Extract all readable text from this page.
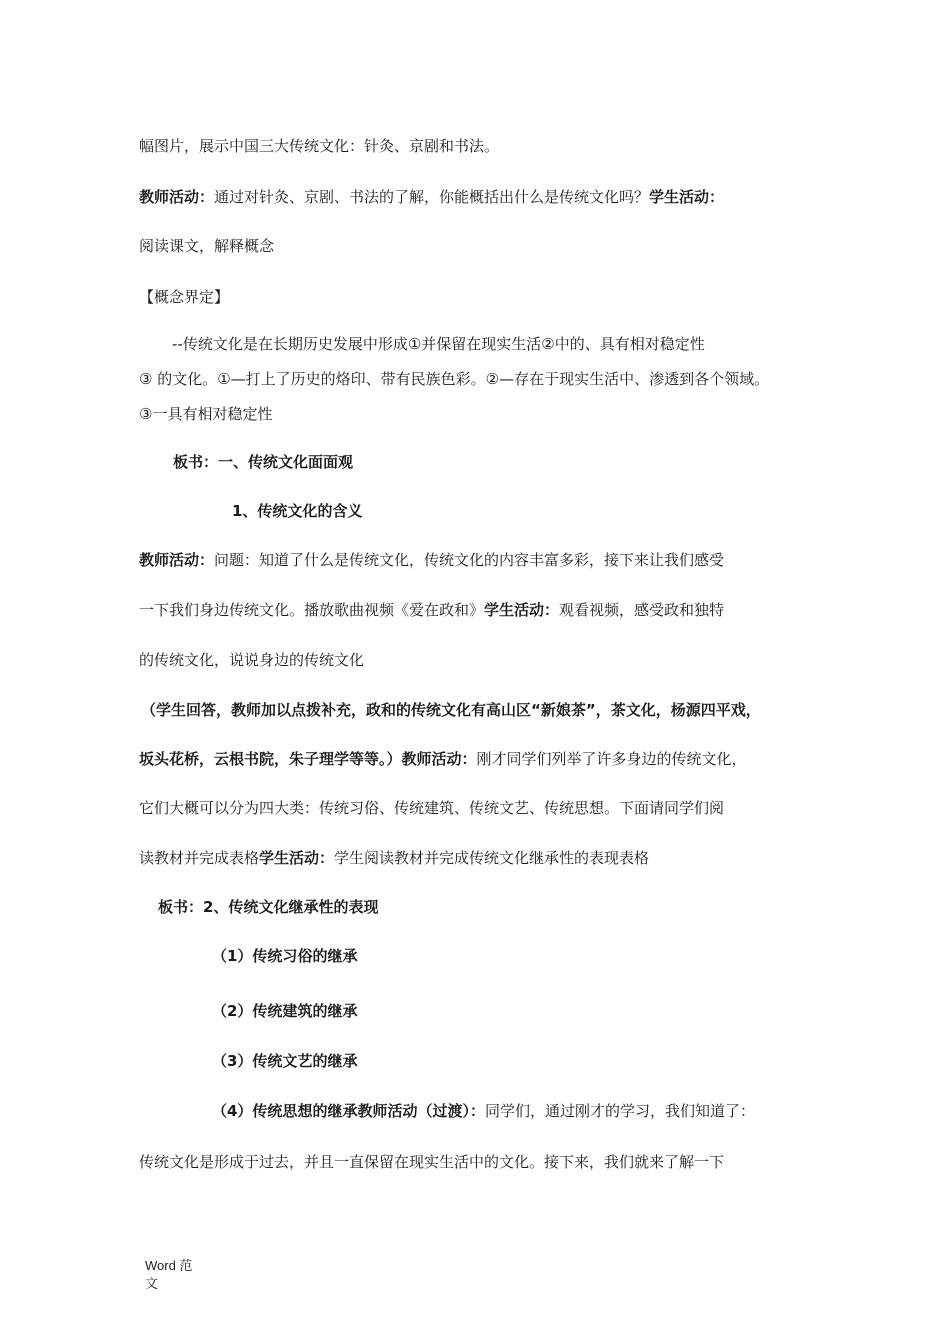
幅图片，展示中国三大传统文化：针灸、京剧和书法。
教师活动：通过对针灸、京剧、书法的了解，你能概括出什么是传统文化吗？学生活动：
阅读课文，解释概念
【概念界定】
--传统文化是在长期历史发展中形成①并保留在现实生活②中的、具有相对稳定性
③ 的文化。①—打上了历史的烙印、带有民族色彩。②—存在于现实生活中、渗透到各个领域。
③一具有相对稳定性
板书：一、传统文化面面观
1、传统文化的含义
教师活动：问题：知道了什么是传统文化，传统文化的内容丰富多彩，接下来让我们感受
一下我们身边传统文化。播放歌曲视频《爱在政和》学生活动：观看视频，感受政和独特
的传统文化，说说身边的传统文化
（学生回答，教师加以点拨补充，政和的传统文化有高山区“新娘茶”，茶文化，杨源四平戏，
坂头花桥，云根书院，朱子理学等等。）教师活动：刚才同学们列举了许多身边的传统文化，
它们大概可以分为四大类：传统习俗、传统建筑、传统文艺、传统思想。下面请同学们阅
读教材并完成表格学生活动：学生阅读教材并完成传统文化继承性的表现表格
板书：2、传统文化继承性的表现
（1）传统习俗的继承
（2）传统建筑的继承
（3）传统文艺的继承
（4）传统思想的继承教师活动（过渡）：同学们，通过刚才的学习，我们知道了：
传统文化是形成于过去，并且一直保留在现实生活中的文化。接下来，我们就来了解一下
Word 范
文
